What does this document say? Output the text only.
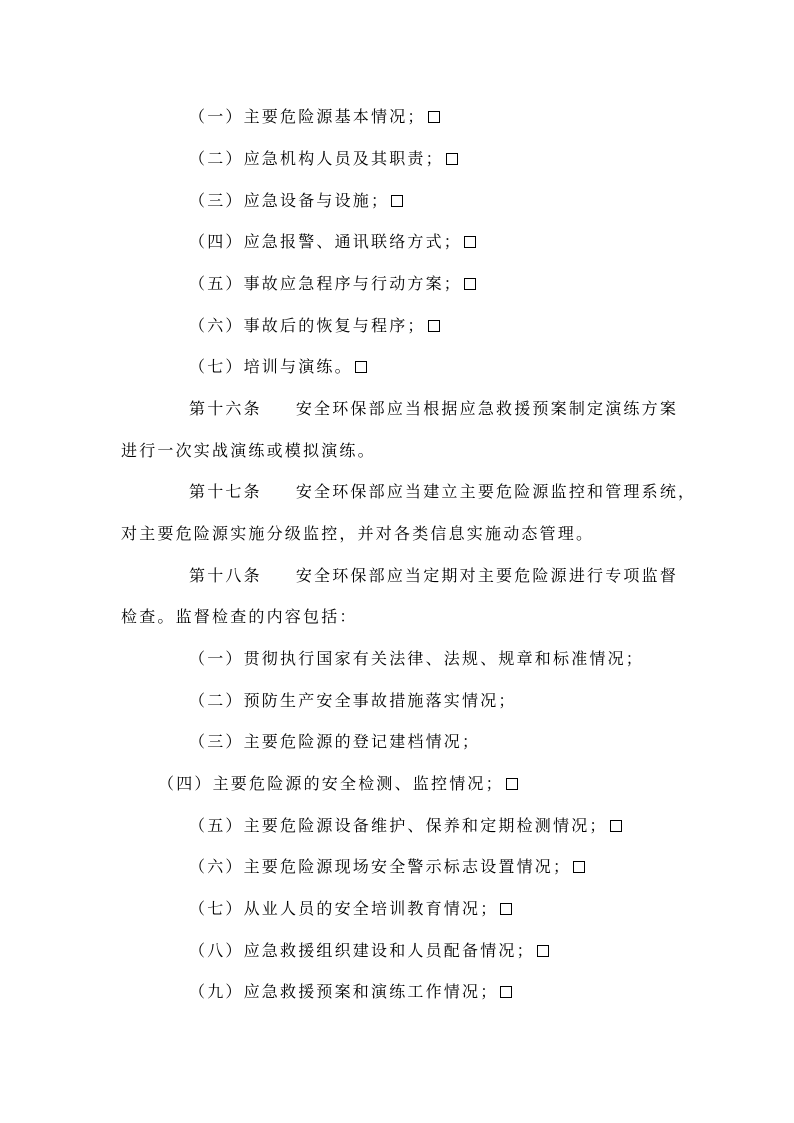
（一）主要危险源基本情况；
（二）应急机构人员及其职责；
（三）应急设备与设施；
（四）应急报警、通讯联络方式；
（五）事故应急程序与行动方案；
（六）事故后的恢复与程序；
（七）培训与演练。
第十六条 安全环保部应当根据应急救援预案制定演练方案
进行一次实战演练或模拟演练。
第十七条 安全环保部应当建立主要危险源监控和管理系统，
对主要危险源实施分级监控，并对各类信息实施动态管理。
第十八条 安全环保部应当定期对主要危险源进行专项监督
检查。监督检查的内容包括：
（一）贯彻执行国家有关法律、法规、规章和标准情况；
（二）预防生产安全事故措施落实情况；
（三）主要危险源的登记建档情况；
（四）主要危险源的安全检测、监控情况；
（五）主要危险源设备维护、保养和定期检测情况；
（六）主要危险源现场安全警示标志设置情况；
（七）从业人员的安全培训教育情况；
（八）应急救援组织建设和人员配备情况；
（九）应急救援预案和演练工作情况；
